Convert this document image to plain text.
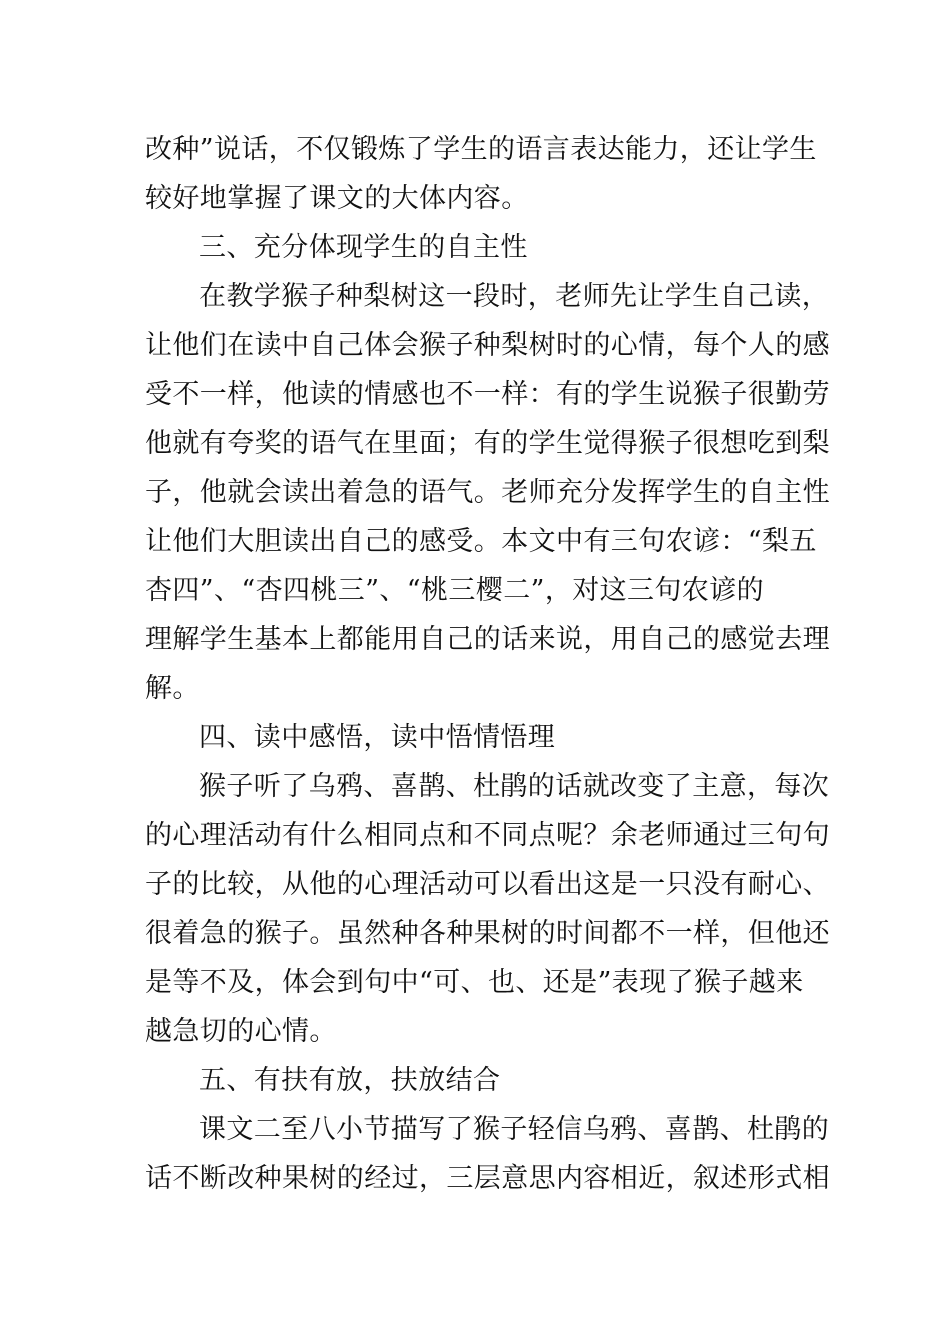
改种”说话，不仅锻炼了学生的语言表达能力，还让学生
较好地掌握了课文的大体内容。
三、充分体现学生的自主性
在教学猴子种梨树这一段时，老师先让学生自己读，
让他们在读中自己体会猴子种梨树时的心情，每个人的感
受不一样，他读的情感也不一样：有的学生说猴子很勤劳
他就有夸奖的语气在里面；有的学生觉得猴子很想吃到梨
子，他就会读出着急的语气。老师充分发挥学生的自主性
让他们大胆读出自己的感受。本文中有三句农谚：“梨五
杏四”、“杏四桃三”、“桃三樱二”，对这三句农谚的
理解学生基本上都能用自己的话来说，用自己的感觉去理
解。
四、读中感悟，读中悟情悟理
猴子听了乌鸦、喜鹊、杜鹃的话就改变了主意，每次
的心理活动有什么相同点和不同点呢？余老师通过三句句
子的比较，从他的心理活动可以看出这是一只没有耐心、
很着急的猴子。虽然种各种果树的时间都不一样，但他还
是等不及，体会到句中“可、也、还是”表现了猴子越来
越急切的心情。
五、有扶有放，扶放结合
课文二至八小节描写了猴子轻信乌鸦、喜鹊、杜鹃的
话不断改种果树的经过，三层意思内容相近，叙述形式相
